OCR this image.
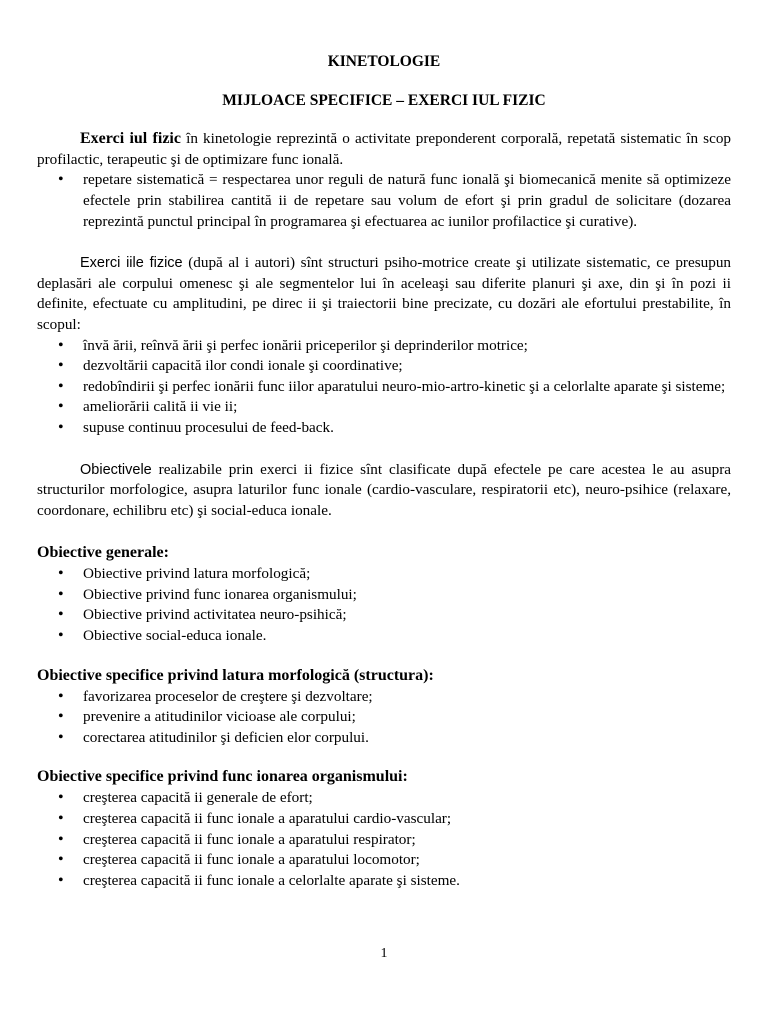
KINETOLOGIE
MIJLOACE SPECIFICE – EXERCI IUL FIZIC

Exerci iul fizic în kinetologie reprezintă o activitate preponderent corporală, repetată sistematic în scop profilactic, terapeutic şi de optimizare func ională.

• repetare sistematică = respectarea unor reguli de natură func ională şi biomecanică menite să optimizeze efectele prin stabilirea cantită ii de repetare sau volum de efort şi prin gradul de solicitare (dozarea reprezintă punctul principal în programarea şi efectuarea ac iunilor profilactice şi curative).

Exerci iile fizice (după al i autori) sînt structuri psiho-motrice create şi utilizate sistematic, ce presupun deplasări ale corpului omenesc şi ale segmentelor lui în aceleaşi sau diferite planuri şi axe, din şi în pozi ii definite, efectuate cu amplitudini, pe direc ii şi traiectorii bine precizate, cu dozări ale efortului prestabilite, în scopul:

• învă ării, reînvă ării şi perfec ionării priceperilor şi deprinderilor motrice;
• dezvoltării capacită ilor condi ionale şi coordinative;
• redobîndirii şi perfec ionării func iilor aparatului neuro-mio-artro-kinetic şi a celorlalte aparate şi sisteme;
• ameliorării calită ii vie ii;
• supuse continuu procesului de feed-back.

Obiectivele realizabile prin exerci ii fizice sînt clasificate după efectele pe care acestea le au asupra structurilor morfologice, asupra laturilor func ionale (cardio-vasculare, respiratorii etc), neuro-psihice (relaxare, coordonare, echilibru etc) şi social-educa ionale.

Obiective generale:
• Obiective privind latura morfologică;
• Obiective privind func ionarea organismului;
• Obiective privind activitatea neuro-psihică;
• Obiective social-educa ionale.
Obiective specifice privind latura morfologică (structura):
• favorizarea proceselor de creştere şi dezvoltare;
• prevenire a atitudinilor vicioase ale corpului;
• corectarea atitudinilor şi deficien elor corpului.
Obiective specifice privind func ionarea organismului:
• creşterea capacită ii generale de efort;
• creşterea capacită ii func ionale a aparatului cardio-vascular;
• creşterea capacită ii func ionale a aparatului respirator;
• creşterea capacită ii func ionale a aparatului locomotor;
• creşterea capacită ii func ionale a celorlalte aparate şi sisteme.
1
